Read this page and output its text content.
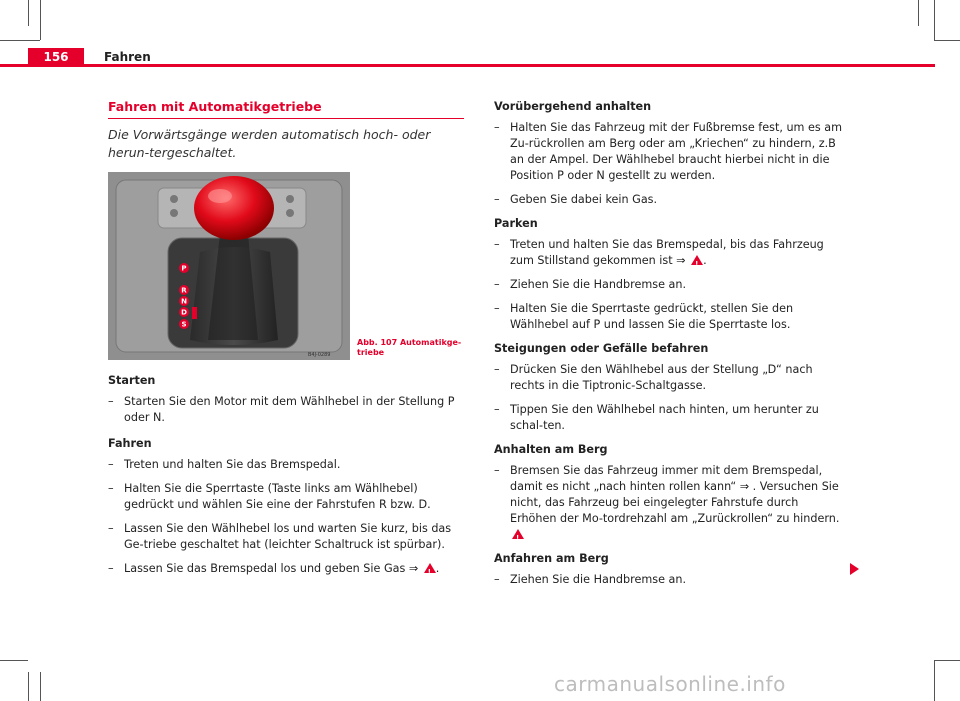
156	Fahren
Fahren mit Automatikgetriebe
Die Vorwärtsgänge werden automatisch hoch- oder herun-tergeschaltet.
B4J-0289
P
R
N
D
S
Abb. 107 Automatikge-triebe
Starten
– Starten Sie den Motor mit dem Wählhebel in der Stellung P oder N.
Fahren
– Treten und halten Sie das Bremspedal.
– Halten Sie die Sperrtaste (Taste links am Wählhebel) gedrückt und wählen Sie eine der Fahrstufen R bzw. D.
– Lassen Sie den Wählhebel los und warten Sie kurz, bis das Ge-triebe geschaltet hat (leichter Schaltruck ist spürbar).
– Lassen Sie das Bremspedal los und geben Sie Gas ⇒ ! .
Vorübergehend anhalten
– Halten Sie das Fahrzeug mit der Fußbremse fest, um es am Zu-rückrollen am Berg oder am „Kriechen“ zu hindern, z.B an der Ampel. Der Wählhebel braucht hierbei nicht in die Position P oder N gestellt zu werden.
– Geben Sie dabei kein Gas.
Parken
– Treten und halten Sie das Bremspedal, bis das Fahrzeug zum Stillstand gekommen ist ⇒ ! .
– Ziehen Sie die Handbremse an.
– Halten Sie die Sperrtaste gedrückt, stellen Sie den Wählhebel auf P und lassen Sie die Sperrtaste los.
Steigungen oder Gefälle befahren
– Drücken Sie den Wählhebel aus der Stellung „D“ nach rechts in die Tiptronic-Schaltgasse.
– Tippen Sie den Wählhebel nach hinten, um herunter zu schal-ten.
Anhalten am Berg
– Bremsen Sie das Fahrzeug immer mit dem Bremspedal, damit es nicht „nach hinten rollen kann“ ⇒ . Versuchen Sie nicht, das Fahrzeug bei eingelegter Fahrstufe durch Erhöhen der Mo-tordrehzahl am „Zurückrollen“ zu hindern. !
Anfahren am Berg
– Ziehen Sie die Handbremse an.
carmanualsonline.info
